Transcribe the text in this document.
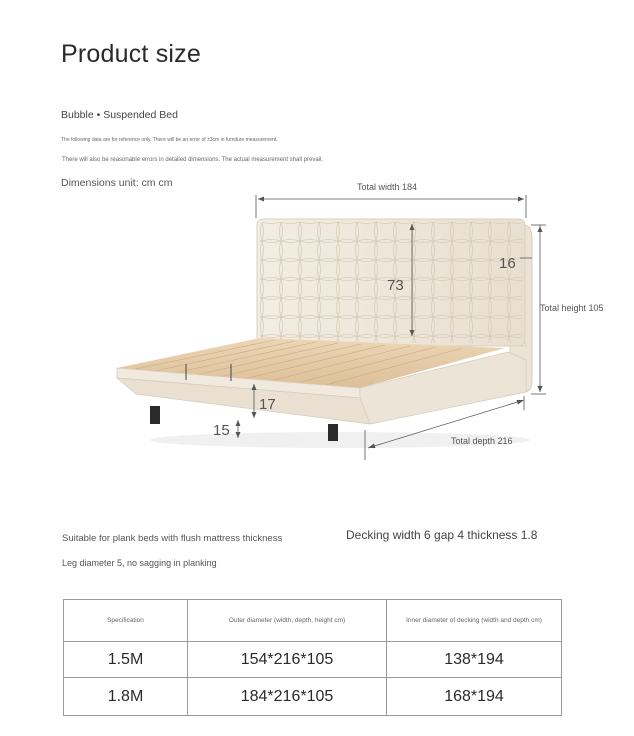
Product size
Bubble • Suspended Bed
The following data are for reference only. There will be an error of ±3cm in furniture measurement.
There will also be reasonable errors in detailed dimensions. The actual measurement shall prevail.
Dimensions unit: cm cm	Total width 184
Total height 105
Total depth 216
73
16
17
15
Suitable for plank beds with flush mattress thickness	Decking width 6 gap 4 thickness 1.8
Leg diameter 5, no sagging in planking
Specification	Outer diameter (width, depth, height cm)	Inner diameter of decking (width and depth cm)
1.5M	154*216*105	138*194
1.8M	184*216*105	168*194
